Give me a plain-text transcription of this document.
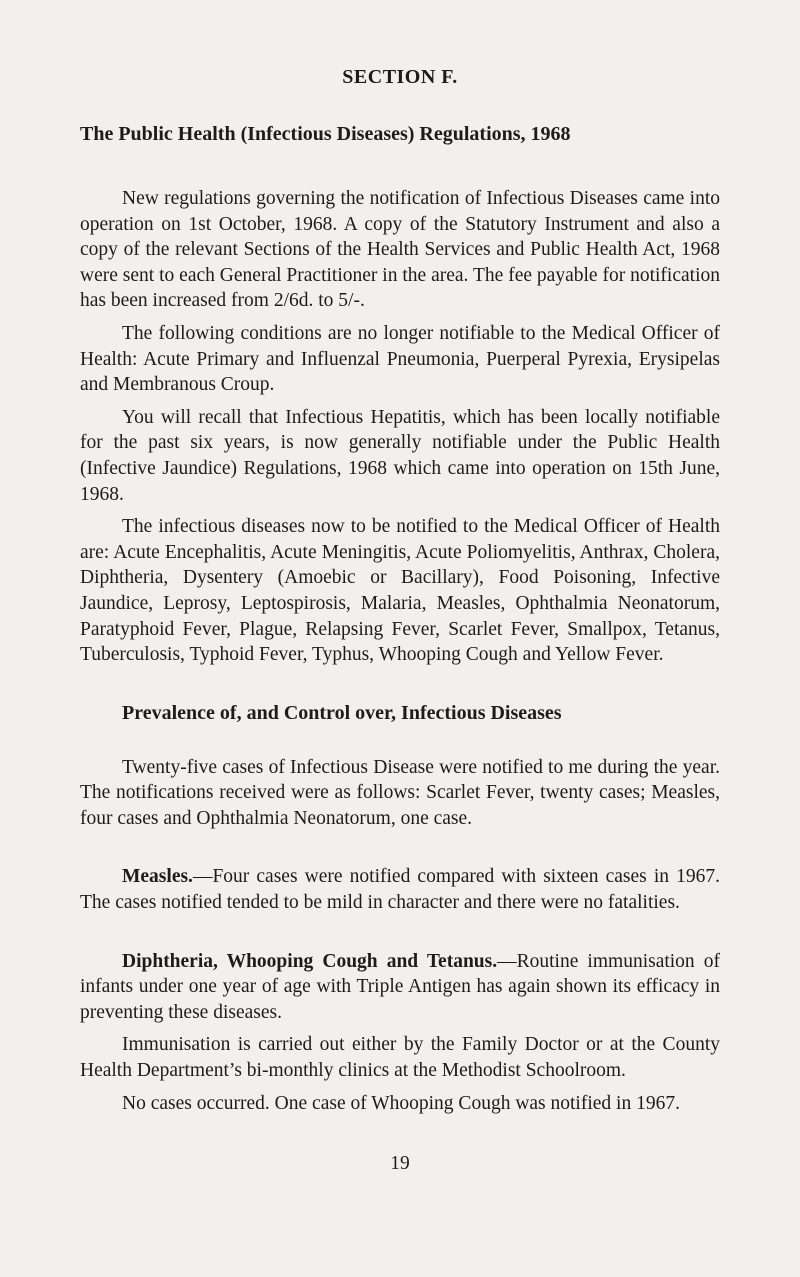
SECTION F.
The Public Health (Infectious Diseases) Regulations, 1968

New regulations governing the notification of Infectious Diseases came into operation on 1st October, 1968. A copy of the Statutory Instrument and also a copy of the relevant Sections of the Health Services and Public Health Act, 1968 were sent to each General Practitioner in the area. The fee payable for notification has been increased from 2/6d. to 5/-.

The following conditions are no longer notifiable to the Medical Officer of Health: Acute Primary and Influenzal Pneumonia, Puerperal Pyrexia, Erysipelas and Membranous Croup.

You will recall that Infectious Hepatitis, which has been locally notifiable for the past six years, is now generally notifiable under the Public Health (Infective Jaundice) Regulations, 1968 which came into operation on 15th June, 1968.

The infectious diseases now to be notified to the Medical Officer of Health are: Acute Encephalitis, Acute Meningitis, Acute Poliomyelitis, Anthrax, Cholera, Diphtheria, Dysentery (Amoebic or Bacillary), Food Poisoning, Infective Jaundice, Leprosy, Leptospirosis, Malaria, Measles, Ophthalmia Neonatorum, Paratyphoid Fever, Plague, Relapsing Fever, Scarlet Fever, Smallpox, Tetanus, Tuberculosis, Typhoid Fever, Typhus, Whooping Cough and Yellow Fever.

Prevalence of, and Control over, Infectious Diseases

Twenty-five cases of Infectious Disease were notified to me during the year. The notifications received were as follows: Scarlet Fever, twenty cases; Measles, four cases and Ophthalmia Neonatorum, one case.

Measles.—Four cases were notified compared with sixteen cases in 1967. The cases notified tended to be mild in character and there were no fatalities.

Diphtheria, Whooping Cough and Tetanus.—Routine immunisation of infants under one year of age with Triple Antigen has again shown its efficacy in preventing these diseases.

Immunisation is carried out either by the Family Doctor or at the County Health Department’s bi-monthly clinics at the Methodist Schoolroom.

No cases occurred. One case of Whooping Cough was notified in 1967.

19
